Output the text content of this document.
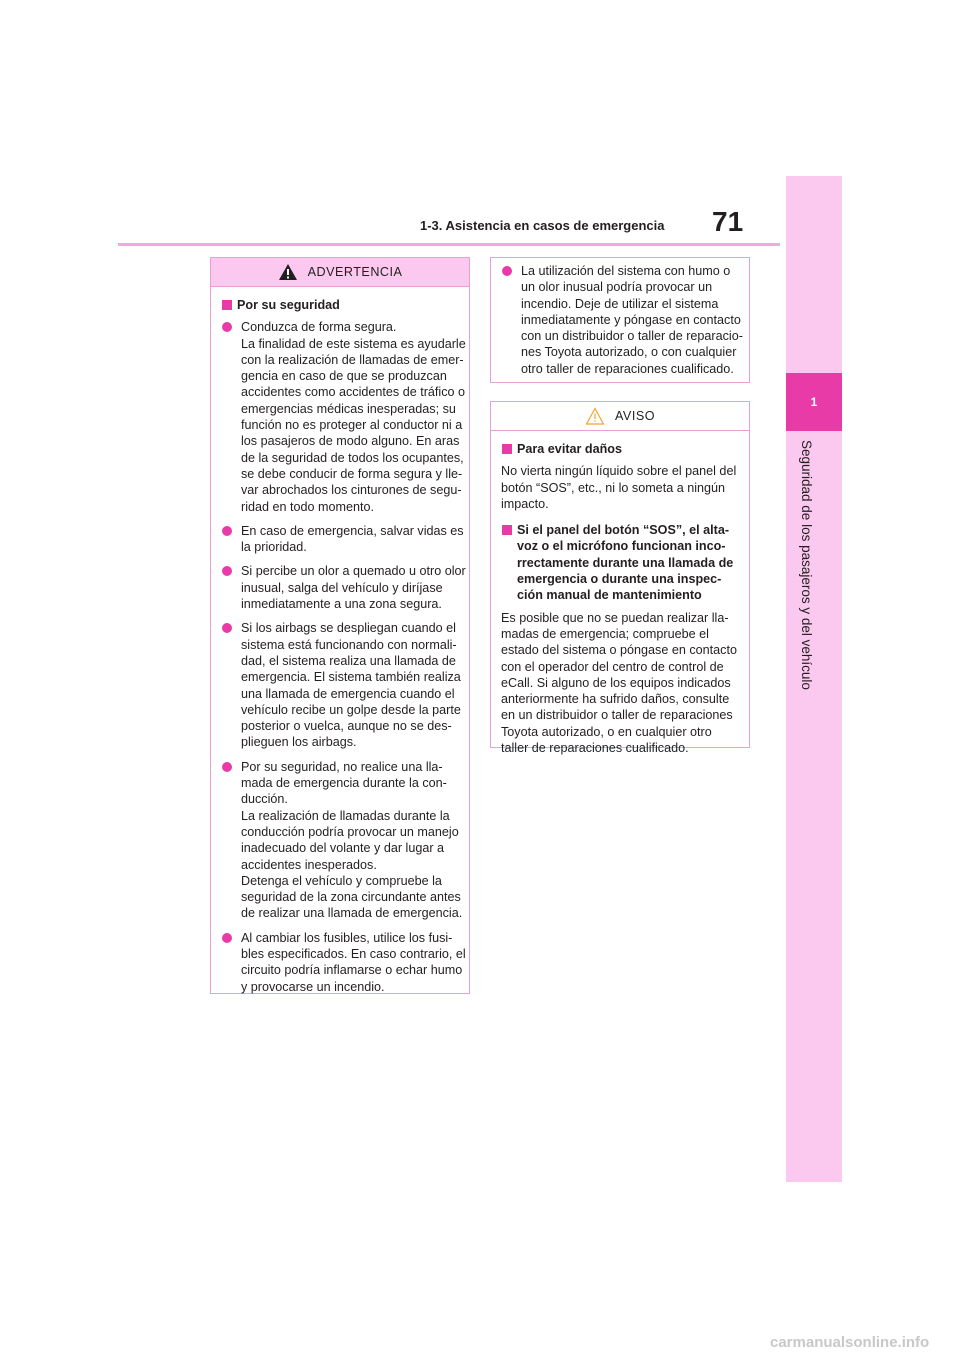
1
Seguridad de los pasajeros y del vehículo
1-3. Asistencia en casos de emergencia	71
ADVERTENCIA
Por su seguridad
Conduzca de forma segura.
La finalidad de este sistema es ayudarle
con la realización de llamadas de emer-
gencia en caso de que se produzcan
accidentes como accidentes de tráfico o
emergencias médicas inesperadas; su
función no es proteger al conductor ni a
los pasajeros de modo alguno. En aras
de la seguridad de todos los ocupantes,
se debe conducir de forma segura y lle-
var abrochados los cinturones de segu-
ridad en todo momento.
En caso de emergencia, salvar vidas es
la prioridad.
Si percibe un olor a quemado u otro olor
inusual, salga del vehículo y diríjase
inmediatamente a una zona segura.
Si los airbags se despliegan cuando el
sistema está funcionando con normali-
dad, el sistema realiza una llamada de
emergencia. El sistema también realiza
una llamada de emergencia cuando el
vehículo recibe un golpe desde la parte
posterior o vuelca, aunque no se des-
plieguen los airbags.
Por su seguridad, no realice una lla-
mada de emergencia durante la con-
ducción.
La realización de llamadas durante la
conducción podría provocar un manejo
inadecuado del volante y dar lugar a
accidentes inesperados.
Detenga el vehículo y compruebe la
seguridad de la zona circundante antes
de realizar una llamada de emergencia.
Al cambiar los fusibles, utilice los fusi-
bles especificados. En caso contrario, el
circuito podría inflamarse o echar humo
y provocarse un incendio.
La utilización del sistema con humo o
un olor inusual podría provocar un
incendio. Deje de utilizar el sistema
inmediatamente y póngase en contacto
con un distribuidor o taller de reparacio-
nes Toyota autorizado, o con cualquier
otro taller de reparaciones cualificado.
AVISO
Para evitar daños
No vierta ningún líquido sobre el panel del
botón “SOS”, etc., ni lo someta a ningún
impacto.
Si el panel del botón “SOS”, el alta-
voz o el micrófono funcionan inco-
rrectamente durante una llamada de
emergencia o durante una inspec-
ción manual de mantenimiento
Es posible que no se puedan realizar lla-
madas de emergencia; compruebe el
estado del sistema o póngase en contacto
con el operador del centro de control de
eCall. Si alguno de los equipos indicados
anteriormente ha sufrido daños, consulte
en un distribuidor o taller de reparaciones
Toyota autorizado, o en cualquier otro
taller de reparaciones cualificado.
carmanualsonline.info
